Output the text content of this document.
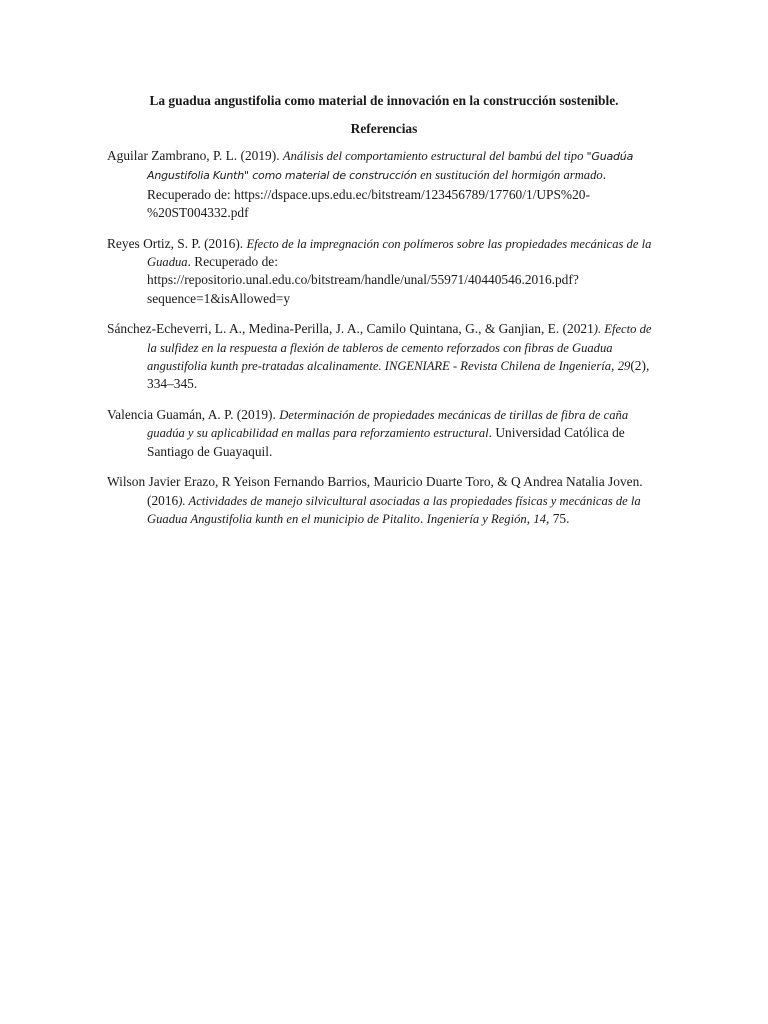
La guadua angustifolia como material de innovación en la construcción sostenible.
Referencias

Aguilar Zambrano, P. L. (2019). Análisis del comportamiento estructural del bambú del tipo "Guadúa Angustifolia Kunth" como material de construcción en sustitución del hormigón armado. Recuperado de: https://dspace.ups.edu.ec/bitstream/123456789/17760/1/UPS%20-%20ST004332.pdf

Reyes Ortiz, S. P. (2016). Efecto de la impregnación con polímeros sobre las propiedades mecánicas de la Guadua. Recuperado de: https://repositorio.unal.edu.co/bitstream/handle/unal/55971/40440546.2016.pdf?sequence=1&isAllowed=y

Sánchez-Echeverri, L. A., Medina-Perilla, J. A., Camilo Quintana, G., & Ganjian, E. (2021). Efecto de la sulfidez en la respuesta a flexión de tableros de cemento reforzados con fibras de Guadua angustifolia kunth pre-tratadas alcalinamente. INGENIARE - Revista Chilena de Ingeniería, 29(2), 334–345.

Valencia Guamán, A. P. (2019). Determinación de propiedades mecánicas de tirillas de fibra de caña guadúa y su aplicabilidad en mallas para reforzamiento estructural. Universidad Católica de Santiago de Guayaquil.

Wilson Javier Erazo, R Yeison Fernando Barrios, Mauricio Duarte Toro, & Q Andrea Natalia Joven. (2016). Actividades de manejo silvicultural asociadas a las propiedades físicas y mecánicas de la Guadua Angustifolia kunth en el municipio de Pitalito. Ingeniería y Región, 14, 75.
